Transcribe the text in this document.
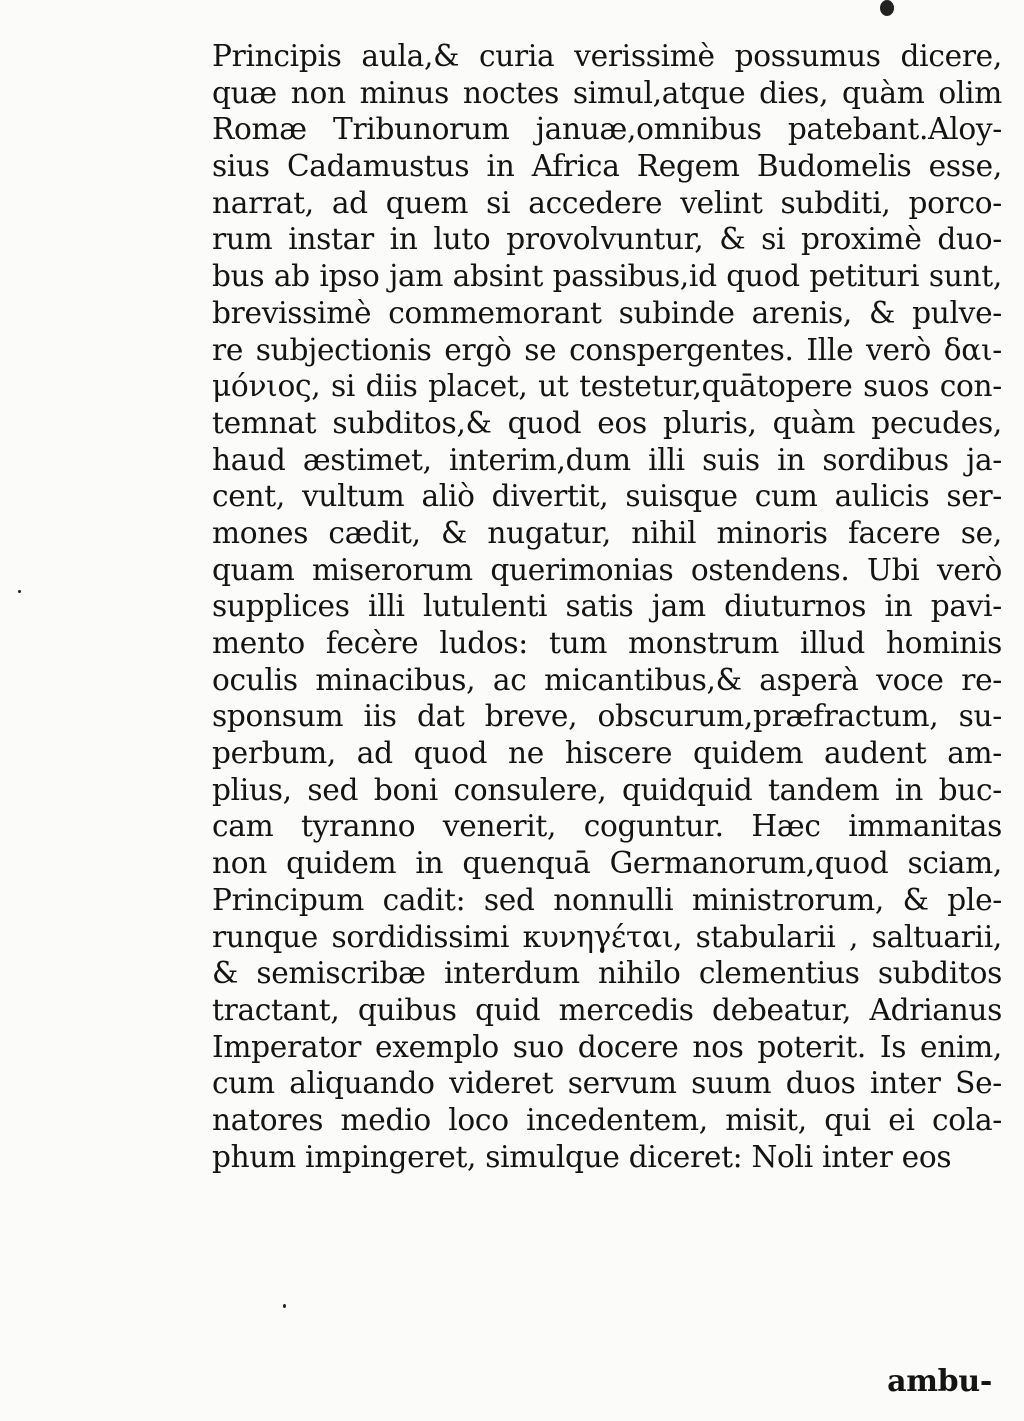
Principis aula,& curia verissimè possumus dicere,
quæ non minus noctes simul,atque dies, quàm olim
Romæ Tribunorum januæ,omnibus patebant.Aloy-
sius Cadamustus in Africa Regem Budomelis esse,
narrat, ad quem si accedere velint subditi, porco-
rum instar in luto provolvuntur, & si proximè duo-
bus ab ipso jam absint passibus,id quod petituri sunt,
brevissimè commemorant subinde arenis, & pulve-
re subjectionis ergò se conspergentes. Ille verò δαι-
μόνιος, si diis placet, ut testetur,quātopere suos con-
temnat subditos,& quod eos pluris, quàm pecudes,
haud æstimet, interim,dum illi suis in sordibus ja-
cent, vultum aliò divertit, suisque cum aulicis ser-
mones cædit, & nugatur, nihil minoris facere se,
quam miserorum querimonias ostendens. Ubi verò
supplices illi lutulenti satis jam diuturnos in pavi-
mento fecère ludos: tum monstrum illud hominis
oculis minacibus, ac micantibus,& asperà voce re-
sponsum iis dat breve, obscurum,præfractum, su-
perbum, ad quod ne hiscere quidem audent am-
plius, sed boni consulere, quidquid tandem in buc-
cam tyranno venerit, coguntur. Hæc immanitas
non quidem in quenquā Germanorum,quod sciam,
Principum cadit: sed nonnulli ministrorum, & ple-
runque sordidissimi κυνηγέται, stabularii , saltuarii,
& semiscribæ interdum nihilo clementius subditos
tractant, quibus quid mercedis debeatur, Adrianus
Imperator exemplo suo docere nos poterit. Is enim,
cum aliquando videret servum suum duos inter Se-
natores medio loco incedentem, misit, qui ei cola-
phum impingeret, simulque diceret: Noli inter eos
ambu-
